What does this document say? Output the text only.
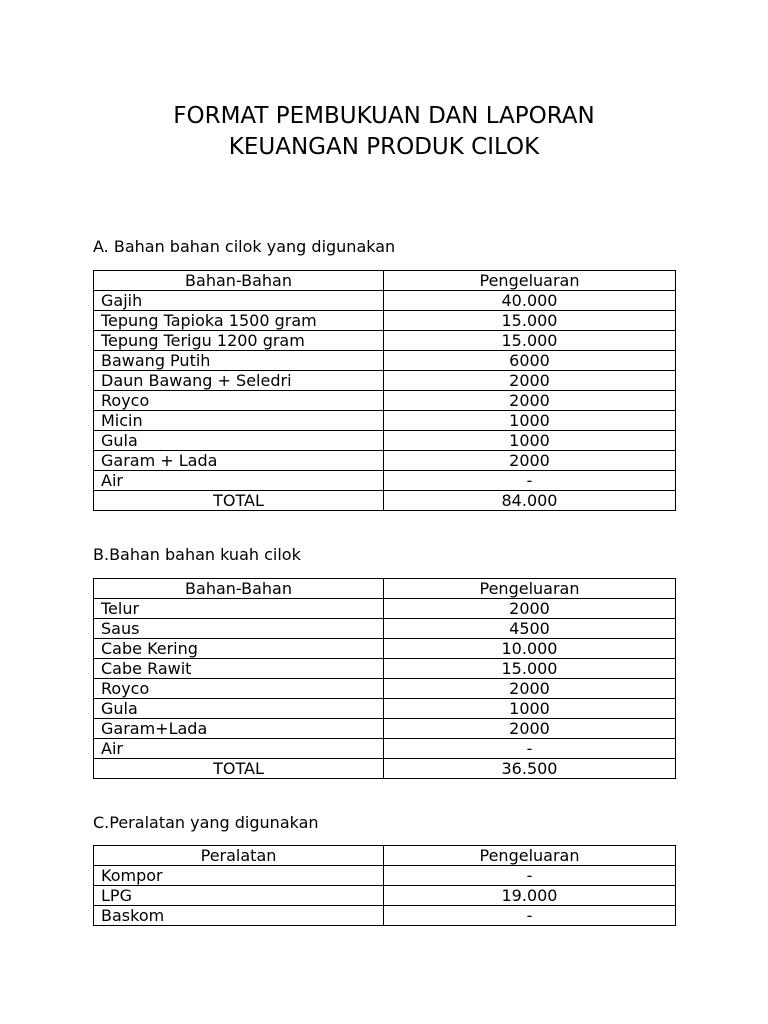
FORMAT PEMBUKUAN DAN LAPORAN
KEUANGAN PRODUK CILOK
A. Bahan bahan cilok yang digunakan
Bahan-Bahan	Pengeluaran
Gajih	40.000
Tepung Tapioka 1500 gram	15.000
Tepung Terigu 1200 gram	15.000
Bawang Putih	6000
Daun Bawang + Seledri	2000
Royco	2000
Micin	1000
Gula	1000
Garam + Lada	2000
Air	-
TOTAL	84.000
B.Bahan bahan kuah cilok
Bahan-Bahan	Pengeluaran
Telur	2000
Saus	4500
Cabe Kering	10.000
Cabe Rawit	15.000
Royco	2000
Gula	1000
Garam+Lada	2000
Air	-
TOTAL	36.500
C.Peralatan yang digunakan
Peralatan	Pengeluaran
Kompor	-
LPG	19.000
Baskom	-
